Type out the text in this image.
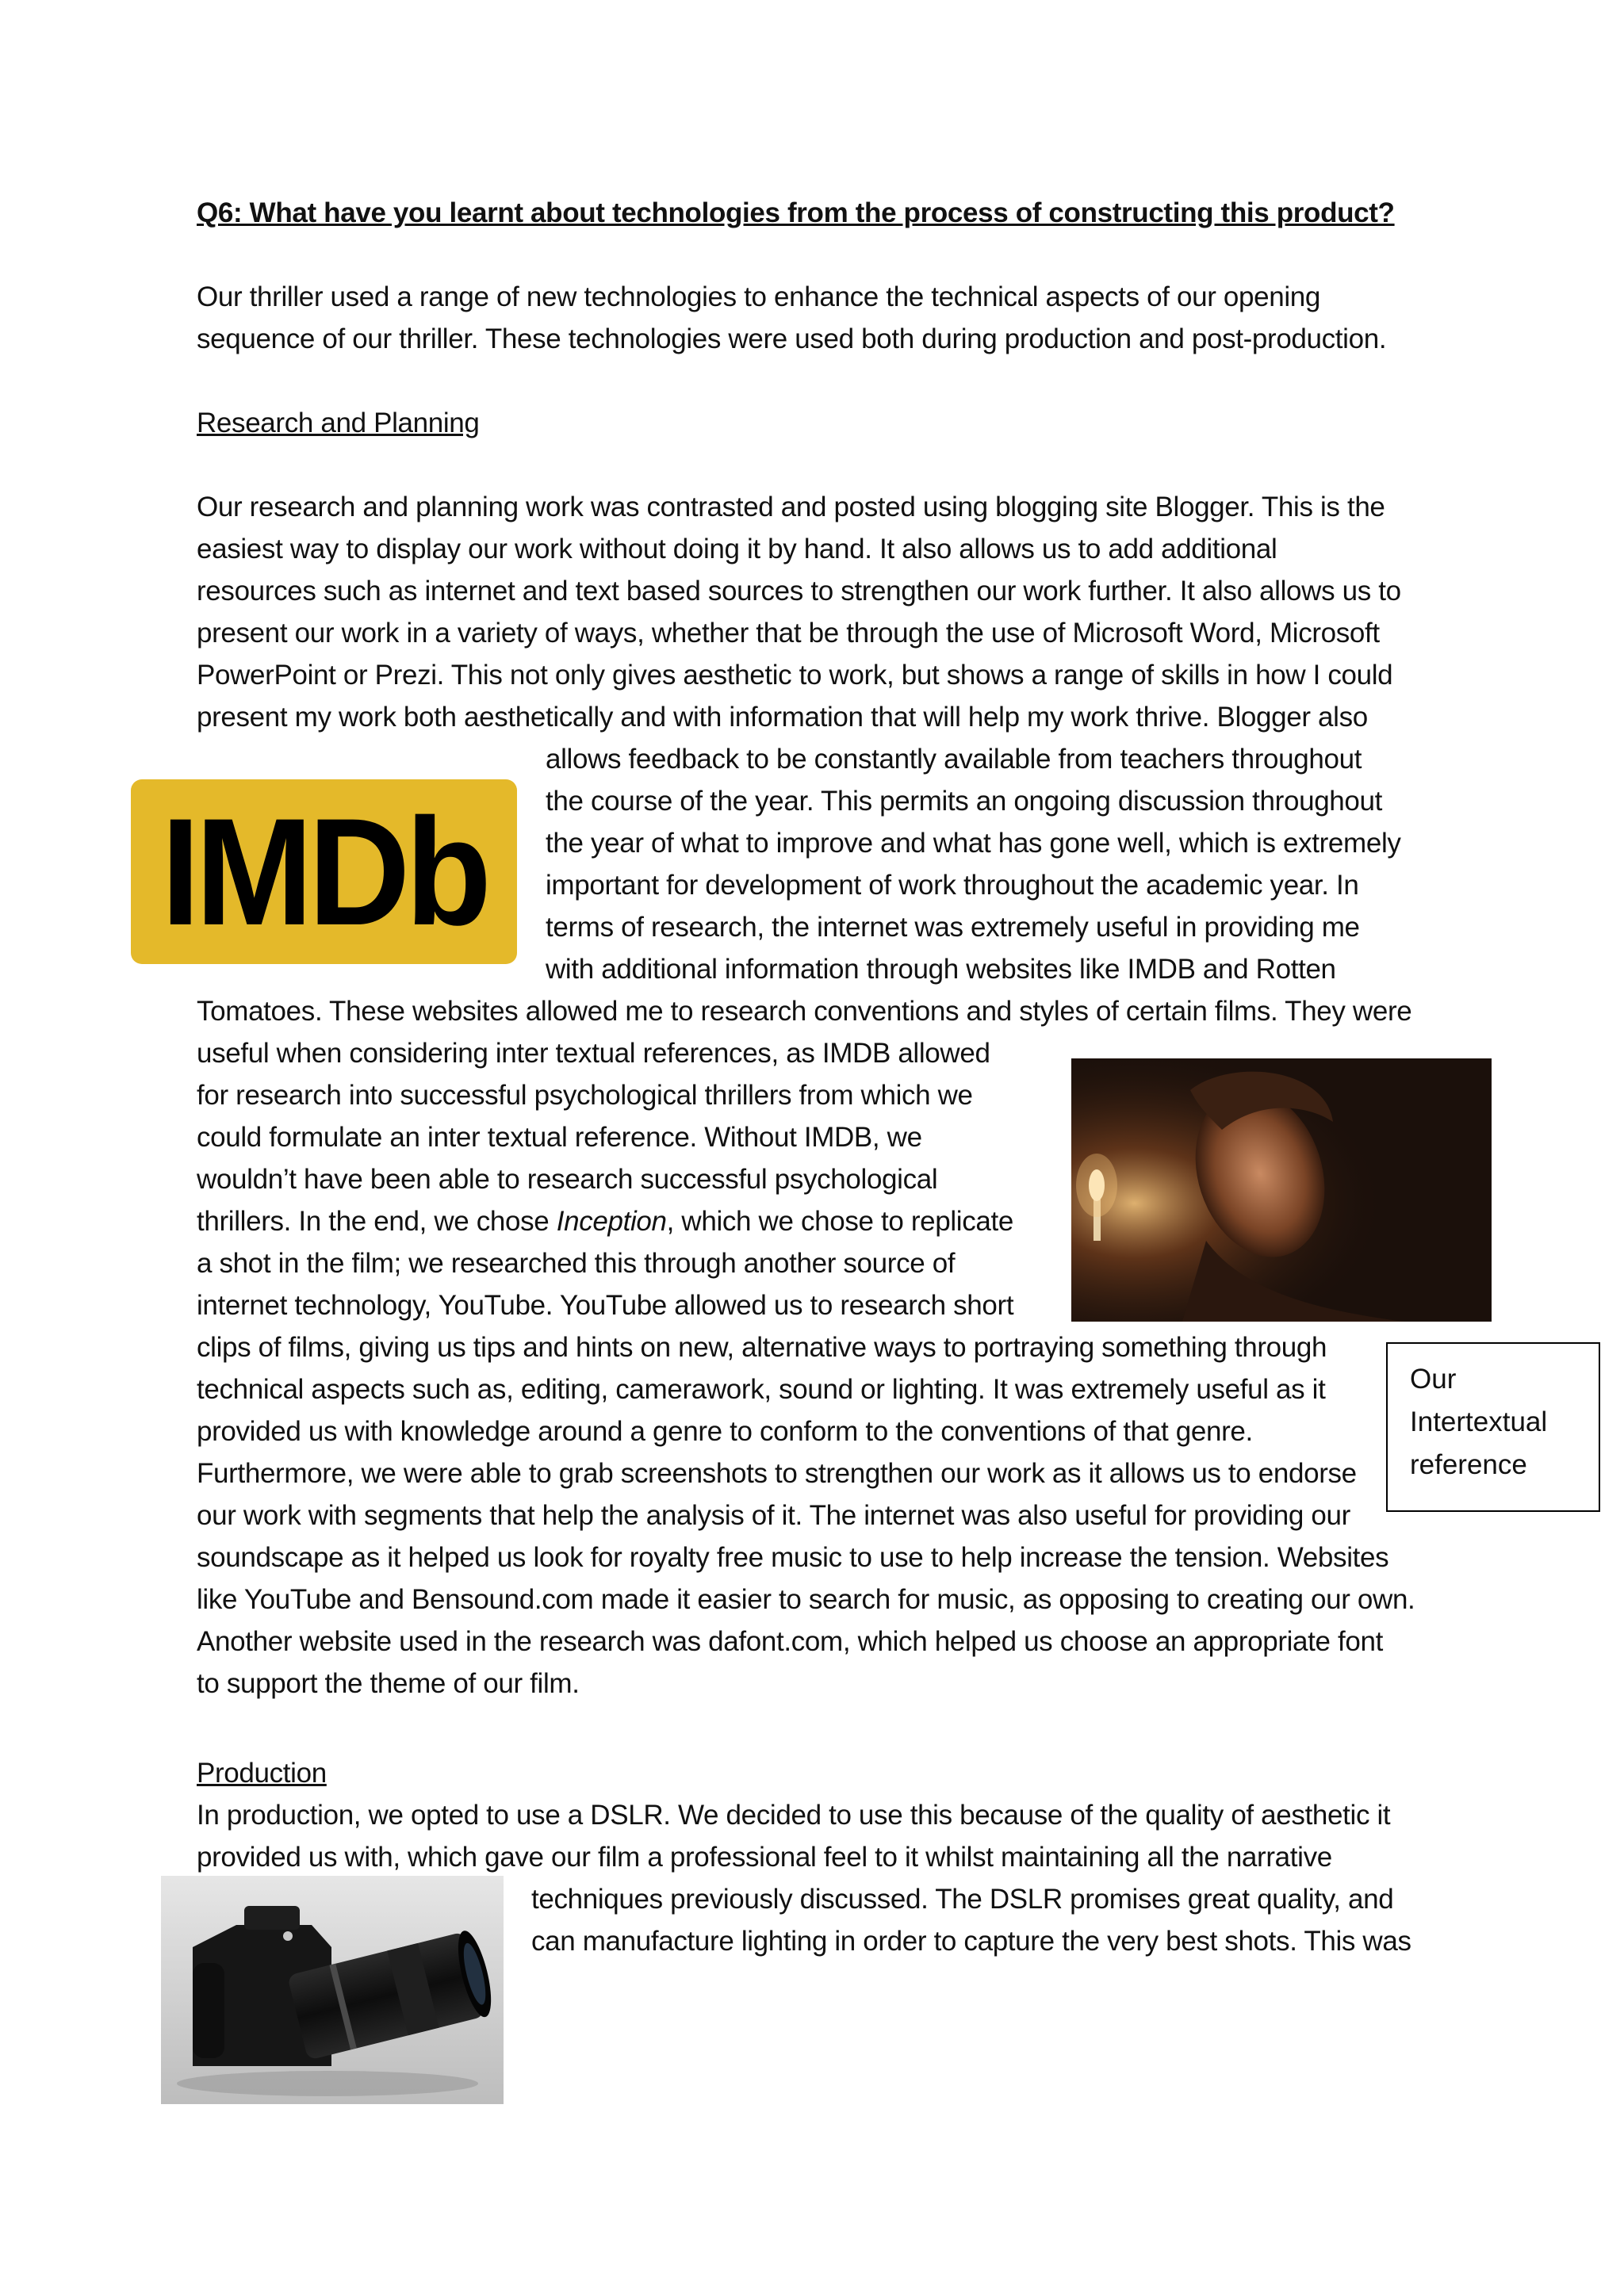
Q6: What have you learnt about technologies from the process of constructing this product?
Our thriller used a range of new technologies to enhance the technical aspects of our opening
sequence of our thriller. These technologies were used both during production and post-production.
Research and Planning
Our research and planning work was contrasted and posted using blogging site Blogger. This is the
easiest way to display our work without doing it by hand. It also allows us to add additional
resources such as internet and text based sources to strengthen our work further. It also allows us to
present our work in a variety of ways, whether that be through the use of Microsoft Word, Microsoft
PowerPoint or Prezi. This not only gives aesthetic to work, but shows a range of skills in how I could
present my work both aesthetically and with information that will help my work thrive. Blogger also
allows feedback to be constantly available from teachers throughout
the course of the year. This permits an ongoing discussion throughout
the year of what to improve and what has gone well, which is extremely
important for development of work throughout the academic year. In
terms of research, the internet was extremely useful in providing me
with additional information through websites like IMDB and Rotten
Tomatoes. These websites allowed me to research conventions and styles of certain films. They were
useful when considering inter textual references, as IMDB allowed
for research into successful psychological thrillers from which we
could formulate an inter textual reference. Without IMDB, we
wouldn’t have been able to research successful psychological
thrillers. In the end, we chose Inception, which we chose to replicate
a shot in the film; we researched this through another source of
internet technology, YouTube. YouTube allowed us to research short
clips of films, giving us tips and hints on new, alternative ways to portraying something through
technical aspects such as, editing, camerawork, sound or lighting. It was extremely useful as it
provided us with knowledge around a genre to conform to the conventions of that genre.
Furthermore, we were able to grab screenshots to strengthen our work as it allows us to endorse
our work with segments that help the analysis of it. The internet was also useful for providing our
soundscape as it helped us look for royalty free music to use to help increase the tension. Websites
like YouTube and Bensound.com made it easier to search for music, as opposing to creating our own.
Another website used in the research was dafont.com, which helped us choose an appropriate font
to support the theme of our film.
Production
In production, we opted to use a DSLR. We decided to use this because of the quality of aesthetic it
provided us with, which gave our film a professional feel to it whilst maintaining all the narrative
techniques previously discussed. The DSLR promises great quality, and
can manufacture lighting in order to capture the very best shots. This was
IMDb
Our
Intertextual
reference
